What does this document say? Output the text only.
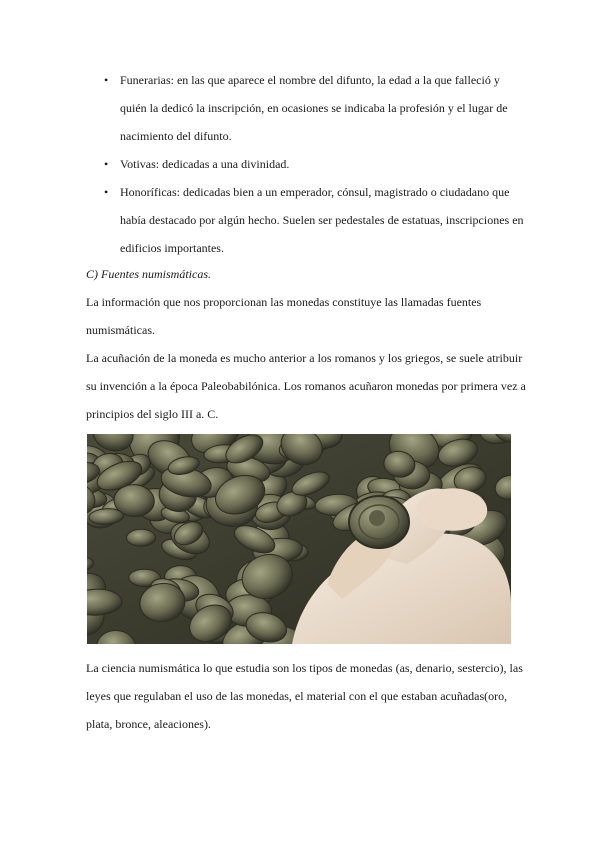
• Funerarias: en las que aparece el nombre del difunto, la edad a la que falleció y quién la dedicó la inscripción, en ocasiones se indicaba la profesión y el lugar de nacimiento del difunto.
• Votivas: dedicadas a una divinidad.
• Honoríficas: dedicadas bien a un emperador, cónsul, magistrado o ciudadano que había destacado por algún hecho. Suelen ser pedestales de estatuas, inscripciones en edificios importantes.
C) Fuentes numismáticas.
La información que nos proporcionan las monedas constituye las llamadas fuentes numismáticas.
La acuñación de la moneda es mucho anterior a los romanos y los griegos, se suele atribuir su invención a la época Paleobabilónica. Los romanos acuñaron monedas por primera vez a principios del siglo III a. C.
La ciencia numismática lo que estudia son los tipos de monedas (as, denario, sestercio), las leyes que regulaban el uso de las monedas, el material con el que estaban acuñadas(oro, plata, bronce, aleaciones).
